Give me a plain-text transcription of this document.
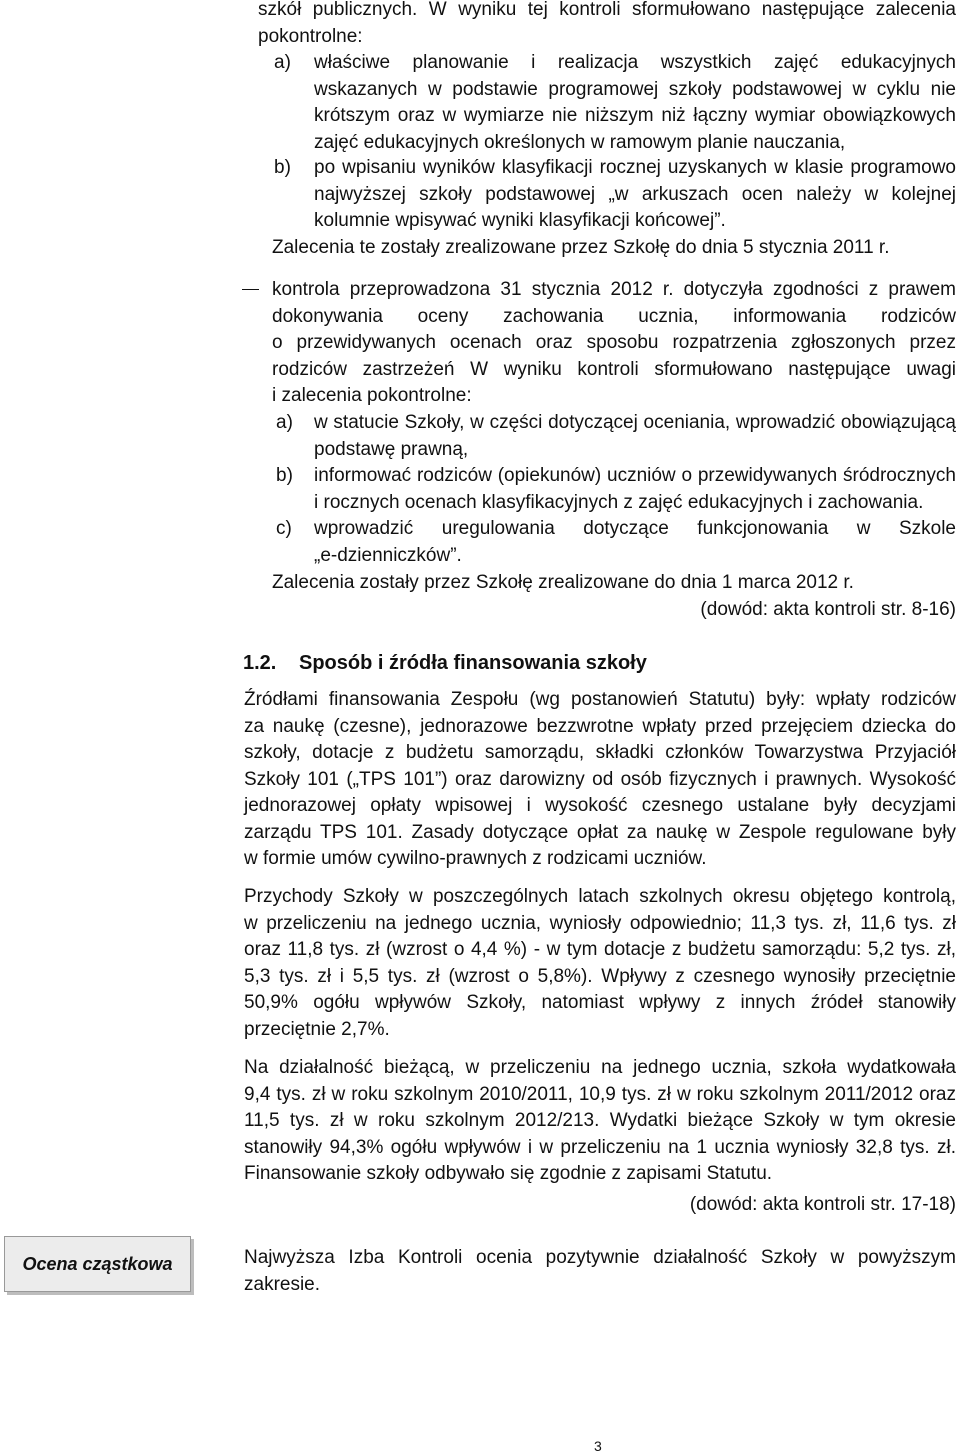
szkół publicznych. W wyniku tej kontroli sformułowano następujące zalecenia
pokontrolne:
a) właściwe planowanie i realizacja wszystkich zajęć edukacyjnych
wskazanych w podstawie programowej szkoły podstawowej w cyklu nie
krótszym oraz w wymiarze nie niższym niż łączny wymiar obowiązkowych
zajęć edukacyjnych określonych w ramowym planie nauczania,
b) po wpisaniu wyników klasyfikacji rocznej uzyskanych w klasie programowo
najwyższej szkoły podstawowej „w arkuszach ocen należy w kolejnej
kolumnie wpisywać wyniki klasyfikacji końcowej”.
Zalecenia te zostały zrealizowane przez Szkołę do dnia 5 stycznia 2011 r.
kontrola przeprowadzona 31 stycznia 2012 r. dotyczyła zgodności z prawem
dokonywania oceny zachowania ucznia, informowania rodziców
o przewidywanych ocenach oraz sposobu rozpatrzenia zgłoszonych przez
rodziców zastrzeżeń W wyniku kontroli sformułowano następujące uwagi
i zalecenia pokontrolne:
a) w statucie Szkoły, w części dotyczącej oceniania, wprowadzić obowiązującą
podstawę prawną,
b) informować rodziców (opiekunów) uczniów o przewidywanych śródrocznych
i rocznych ocenach klasyfikacyjnych z zajęć edukacyjnych i zachowania.
c) wprowadzić uregulowania dotyczące funkcjonowania w Szkole
„e-dzienniczków”.
Zalecenia zostały przez Szkołę zrealizowane do dnia 1 marca 2012 r.
(dowód: akta kontroli str. 8-16)
1.2. Sposób i źródła finansowania szkoły
Źródłami finansowania Zespołu (wg postanowień Statutu) były: wpłaty rodziców
za naukę (czesne), jednorazowe bezzwrotne wpłaty przed przejęciem dziecka do
szkoły, dotacje z budżetu samorządu, składki członków Towarzystwa Przyjaciół
Szkoły 101 („TPS 101”) oraz darowizny od osób fizycznych i prawnych. Wysokość
jednorazowej opłaty wpisowej i wysokość czesnego ustalane były decyzjami
zarządu TPS 101. Zasady dotyczące opłat za naukę w Zespole regulowane były
w formie umów cywilno-prawnych z rodzicami uczniów.
Przychody Szkoły w poszczególnych latach szkolnych okresu objętego kontrolą,
w przeliczeniu na jednego ucznia, wyniosły odpowiednio; 11,3 tys. zł, 11,6 tys. zł
oraz 11,8 tys. zł (wzrost o 4,4 %) - w tym dotacje z budżetu samorządu: 5,2 tys. zł,
5,3 tys. zł i 5,5 tys. zł (wzrost o 5,8%). Wpływy z czesnego wynosiły przeciętnie
50,9% ogółu wpływów Szkoły, natomiast wpływy z innych źródeł stanowiły
przeciętnie 2,7%.
Na działalność bieżącą, w przeliczeniu na jednego ucznia, szkoła wydatkowała
9,4 tys. zł w roku szkolnym 2010/2011, 10,9 tys. zł w roku szkolnym 2011/2012 oraz
11,5 tys. zł w roku szkolnym 2012/213. Wydatki bieżące Szkoły w tym okresie
stanowiły 94,3% ogółu wpływów i w przeliczeniu na 1 ucznia wyniosły 32,8 tys. zł.
Finansowanie szkoły odbywało się zgodnie z zapisami Statutu.
(dowód: akta kontroli str. 17-18)
Ocena cząstkowa	Najwyższa Izba Kontroli ocenia pozytywnie działalność Szkoły w powyższym
zakresie.
3
